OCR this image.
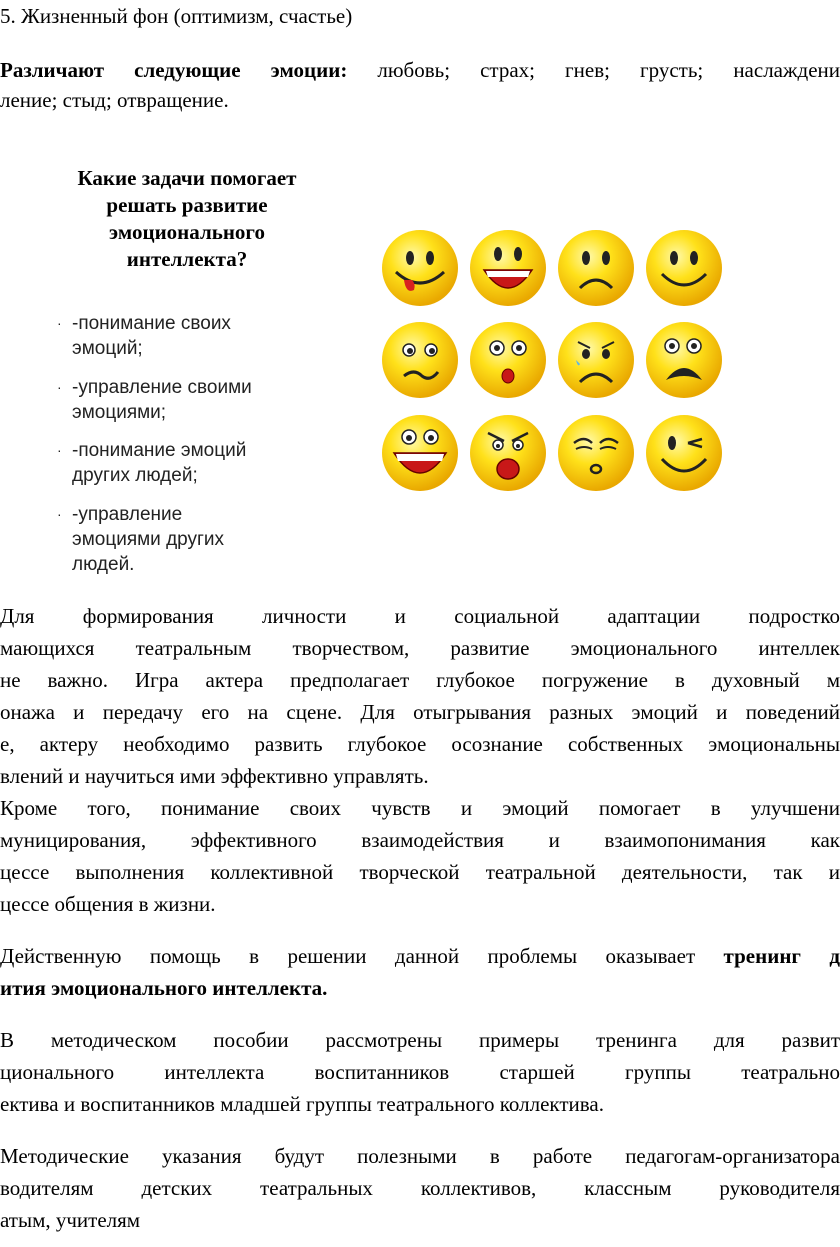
5. Жизненный фон (оптимизм, счастье)
Различают следующие эмоции: любовь; страх; гнев; грусть; наслаждени
ление; стыд; отвращение.
Какие задачи помогает
решать развитие
эмоционального
интеллекта?
· -понимание своих
эмоций;
· -управление своими
эмоциями;
· -понимание эмоций
других людей;
· -управление
эмоциями других
людей.
Для формирования личности и социальной адаптации подростко
мающихся театральным творчеством, развитие эмоционального интеллек
не важно. Игра актера предполагает глубокое погружение в духовный м
онажа и передачу его на сцене. Для отыгрывания разных эмоций и поведений
е, актеру необходимо развить глубокое осознание собственных эмоциональны
влений и научиться ими эффективно управлять.
Кроме того, понимание своих чувств и эмоций помогает в улучшени
муницирования, эффективного взаимодействия и взаимопонимания как
цессе выполнения коллективной творческой театральной деятельности, так и
цессе общения в жизни.
Действенную помощь в решении данной проблемы оказывает тренинг д
ития эмоционального интеллекта.
В методическом пособии рассмотрены примеры тренинга для развит
ционального интеллекта воспитанников старшей группы театрально
ектива и воспитанников младшей группы театрального коллектива.
Методические указания будут полезными в работе педагогам-организатора
водителям детских театральных коллективов, классным руководителя
атым, учителям
